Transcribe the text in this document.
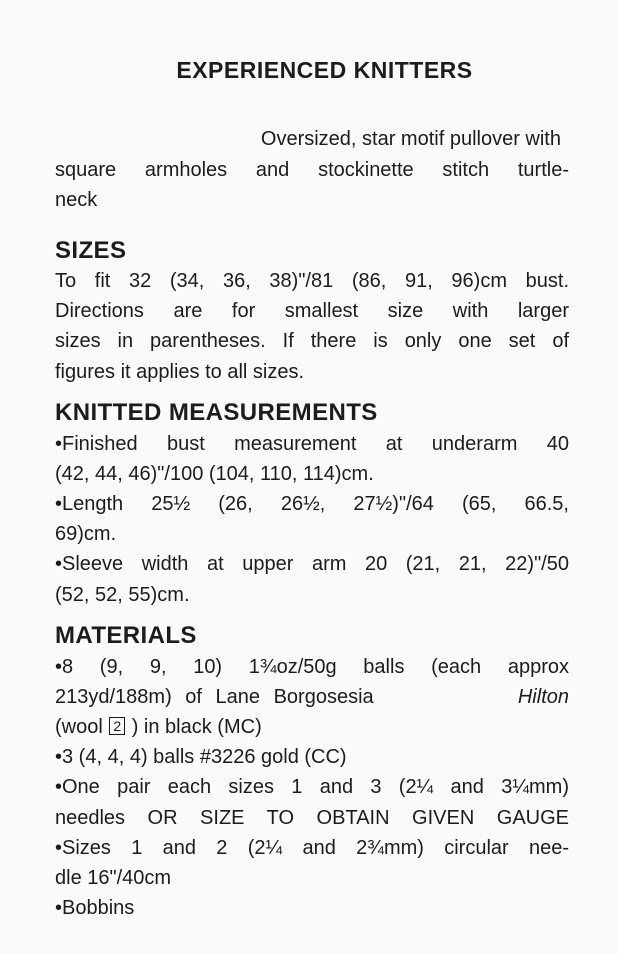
EXPERIENCED KNITTERS
Oversized, star motif pullover with
square armholes and stockinette stitch turtle-
neck
SIZES
To fit 32 (34, 36, 38)"/81 (86, 91, 96)cm bust.
Directions are for smallest size with larger
sizes in parentheses. If there is only one set of
figures it applies to all sizes.
KNITTED MEASUREMENTS
•Finished bust measurement at underarm 40
(42, 44, 46)"/100 (104, 110, 114)cm.
•Length 25½ (26, 26½, 27½)"/64 (65, 66.5,
69)cm.
•Sleeve width at upper arm 20 (21, 21, 22)"/50
(52, 52, 55)cm.
MATERIALS
•8 (9, 9, 10) 1¾oz/50g balls (each approx
213yd/188m) of Lane Borgosesia	Hilton
(wool 2 ) in black (MC)
•3 (4, 4, 4) balls #3226 gold (CC)
•One pair each sizes 1 and 3 (2¼ and 3¼mm)
needles OR SIZE TO OBTAIN GIVEN GAUGE
•Sizes 1 and 2 (2¼ and 2¾mm) circular nee-
dle 16"/40cm
•Bobbins
